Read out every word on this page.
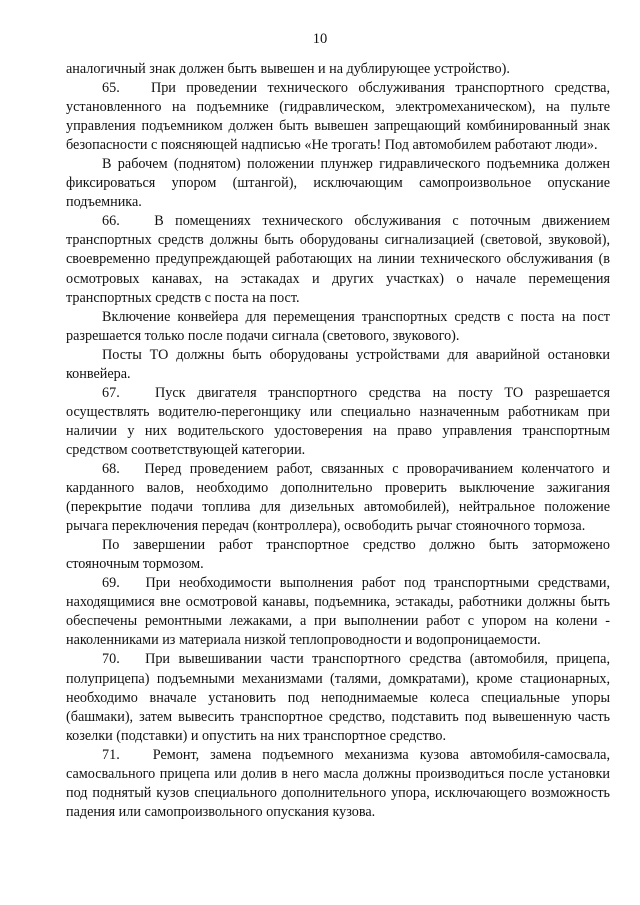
10

аналогичный знак должен быть вывешен и на дублирующее устройство).

65.   При проведении технического обслуживания транспортного средства, установленного на подъемнике (гидравлическом, электромеханическом), на пульте управления подъемником должен быть вывешен запрещающий комбинированный знак безопасности с поясняющей надписью «Не трогать! Под автомобилем работают люди».

В рабочем (поднятом) положении плунжер гидравлического подъемника должен фиксироваться упором (штангой), исключающим самопроизвольное опускание подъемника.

66.   В помещениях технического обслуживания с поточным движением транспортных средств должны быть оборудованы сигнализацией (световой, звуковой), своевременно предупреждающей работающих на линии технического обслуживания (в осмотровых канавах, на эстакадах и других участках) о начале перемещения транспортных средств с поста на пост.

Включение конвейера для перемещения транспортных средств с поста на пост разрешается только после подачи сигнала (светового, звукового).

Посты ТО должны быть оборудованы устройствами для аварийной остановки конвейера.

67.   Пуск двигателя транспортного средства на посту ТО разрешается осуществлять водителю-перегонщику или специально назначенным работникам при наличии у них водительского удостоверения на право управления транспортным средством соответствующей категории.

68.   Перед проведением работ, связанных с проворачиванием коленчатого и карданного валов, необходимо дополнительно проверить выключение зажигания (перекрытие подачи топлива для дизельных автомобилей), нейтральное положение рычага переключения передач (контроллера), освободить рычаг стояночного тормоза.

По завершении работ транспортное средство должно быть заторможено стояночным тормозом.

69.   При необходимости выполнения работ под транспортными средствами, находящимися вне осмотровой канавы, подъемника, эстакады, работники должны быть обеспечены ремонтными лежаками, а при выполнении работ с упором на колени - наколенниками из материала низкой теплопроводности и водопроницаемости.

70.   При вывешивании части транспортного средства (автомобиля, прицепа, полуприцепа) подъемными механизмами (талями, домкратами), кроме стационарных, необходимо вначале установить под неподнимаемые колеса специальные упоры (башмаки), затем вывесить транспортное средство, подставить под вывешенную часть козелки (подставки) и опустить на них транспортное средство.

71.   Ремонт, замена подъемного механизма кузова автомобиля-самосвала, самосвального прицепа или долив в него масла должны производиться после установки под поднятый кузов специального дополнительного упора, исключающего возможность падения или самопроизвольного опускания кузова.
